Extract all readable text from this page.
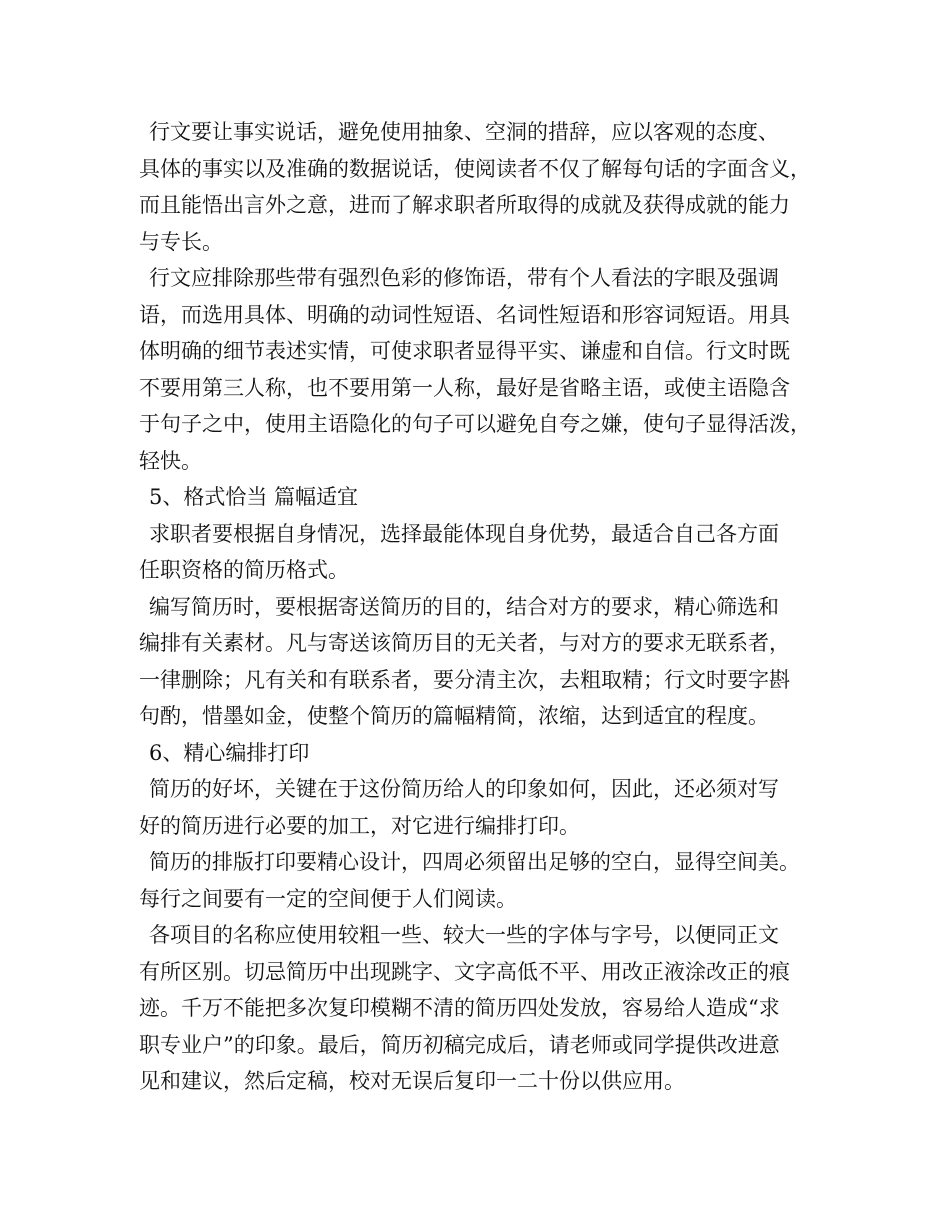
行文要让事实说话，避免使用抽象、空洞的措辞，应以客观的态度、
具体的事实以及准确的数据说话，使阅读者不仅了解每句话的字面含义，
而且能悟出言外之意，进而了解求职者所取得的成就及获得成就的能力
与专长。
行文应排除那些带有强烈色彩的修饰语，带有个人看法的字眼及强调
语，而选用具体、明确的动词性短语、名词性短语和形容词短语。用具
体明确的细节表述实情，可使求职者显得平实、谦虚和自信。行文时既
不要用第三人称，也不要用第一人称，最好是省略主语，或使主语隐含
于句子之中，使用主语隐化的句子可以避免自夸之嫌，使句子显得活泼，
轻快。
5、格式恰当 篇幅适宜
求职者要根据自身情况，选择最能体现自身优势，最适合自己各方面
任职资格的简历格式。
编写简历时，要根据寄送简历的目的，结合对方的要求，精心筛选和
编排有关素材。凡与寄送该简历目的无关者，与对方的要求无联系者，
一律删除；凡有关和有联系者，要分清主次，去粗取精；行文时要字斟
句酌，惜墨如金，使整个简历的篇幅精简，浓缩，达到适宜的程度。
6、精心编排打印
简历的好坏，关键在于这份简历给人的印象如何，因此，还必须对写
好的简历进行必要的加工，对它进行编排打印。
简历的排版打印要精心设计，四周必须留出足够的空白，显得空间美。
每行之间要有一定的空间便于人们阅读。
各项目的名称应使用较粗一些、较大一些的字体与字号，以便同正文
有所区别。切忌简历中出现跳字、文字高低不平、用改正液涂改正的痕
迹。千万不能把多次复印模糊不清的简历四处发放，容易给人造成“求
职专业户”的印象。最后，简历初稿完成后，请老师或同学提供改进意
见和建议，然后定稿，校对无误后复印一二十份以供应用。
